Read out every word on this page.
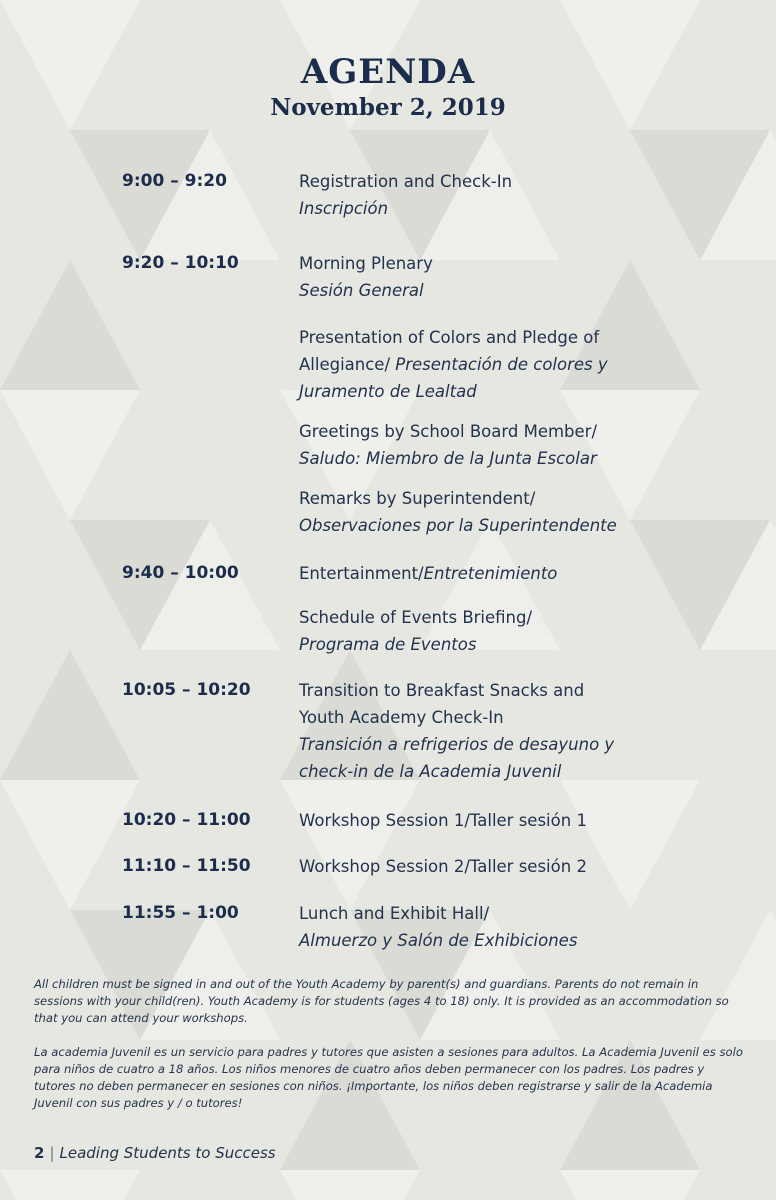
AGENDA
November 2, 2019
9:00 – 9:20	Registration and Check-In
Inscripción
9:20 – 10:10	Morning Plenary
Sesión General
Presentation of Colors and Pledge of Allegiance/ Presentación de colores y Juramento de Lealtad
Greetings by School Board Member/
Saludo: Miembro de la Junta Escolar
Remarks by Superintendent/
Observaciones por la Superintendente
9:40 – 10:00	Entertainment/Entretenimiento
Schedule of Events Briefing/
Programa de Eventos
10:05 – 10:20	Transition to Breakfast Snacks and Youth Academy Check-In
Transición a refrigerios de desayuno y check-in de la Academia Juvenil
10:20 – 11:00	Workshop Session 1/Taller sesión 1
11:10 – 11:50	Workshop Session 2/Taller sesión 2
11:55 – 1:00	Lunch and Exhibit Hall/
Almuerzo y Salón de Exhibiciones
All children must be signed in and out of the Youth Academy by parent(s) and guardians. Parents do not remain in sessions with your child(ren). Youth Academy is for students (ages 4 to 18) only. It is provided as an accommodation so that you can attend your workshops.
La academia Juvenil es un servicio para padres y tutores que asisten a sesiones para adultos. La Academia Juvenil es solo para niños de cuatro a 18 años. Los niños menores de cuatro años deben permanecer con los padres. Los padres y tutores no deben permanecer en sesiones con niños. ¡Importante, los niños deben registrarse y salir de la Academia Juvenil con sus padres y / o tutores!
2 | Leading Students to Success
